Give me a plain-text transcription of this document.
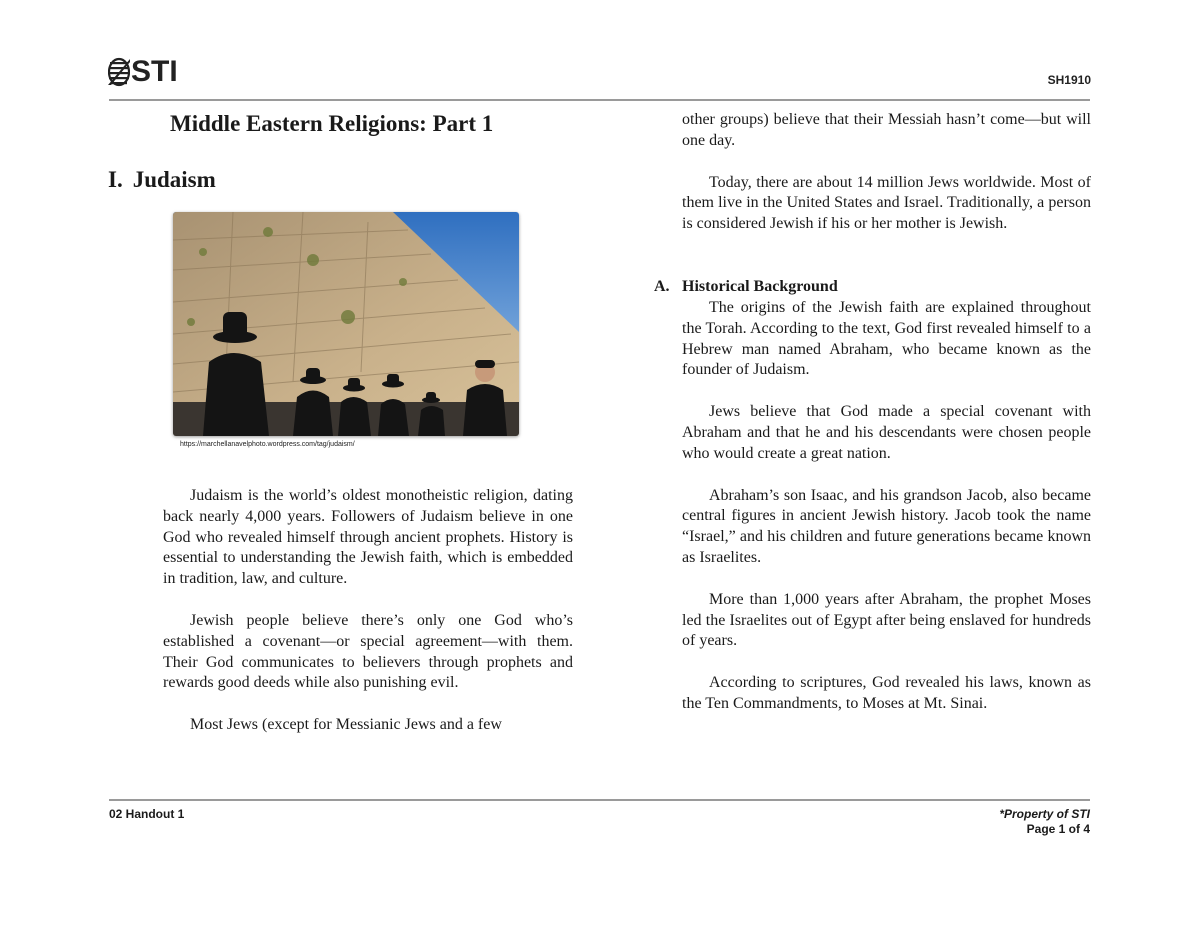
STI	SH1910
Middle Eastern Religions: Part 1
I. Judaism
https://marchellanavelphoto.wordpress.com/tag/judaism/

Judaism is the world’s oldest monotheistic religion, dating back nearly 4,000 years. Followers of Judaism believe in one God who revealed himself through ancient prophets. History is essential to understanding the Jewish faith, which is embedded in tradition, law, and culture.

Jewish people believe there’s only one God who’s established a covenant—or special agreement—with them. Their God communicates to believers through prophets and rewards good deeds while also punishing evil.

Most Jews (except for Messianic Jews and a few

other groups) believe that their Messiah hasn’t come—but will one day.

Today, there are about 14 million Jews worldwide. Most of them live in the United States and Israel. Traditionally, a person is considered Jewish if his or her mother is Jewish.

A. Historical Background

The origins of the Jewish faith are explained throughout the Torah. According to the text, God first revealed himself to a Hebrew man named Abraham, who became known as the founder of Judaism.

Jews believe that God made a special covenant with Abraham and that he and his descendants were chosen people who would create a great nation.

Abraham’s son Isaac, and his grandson Jacob, also became central figures in ancient Jewish history. Jacob took the name “Israel,” and his children and future generations became known as Israelites.

More than 1,000 years after Abraham, the prophet Moses led the Israelites out of Egypt after being enslaved for hundreds of years.

According to scriptures, God revealed his laws, known as the Ten Commandments, to Moses at Mt. Sinai.

02 Handout 1	*Property of STI
Page 1 of 4
